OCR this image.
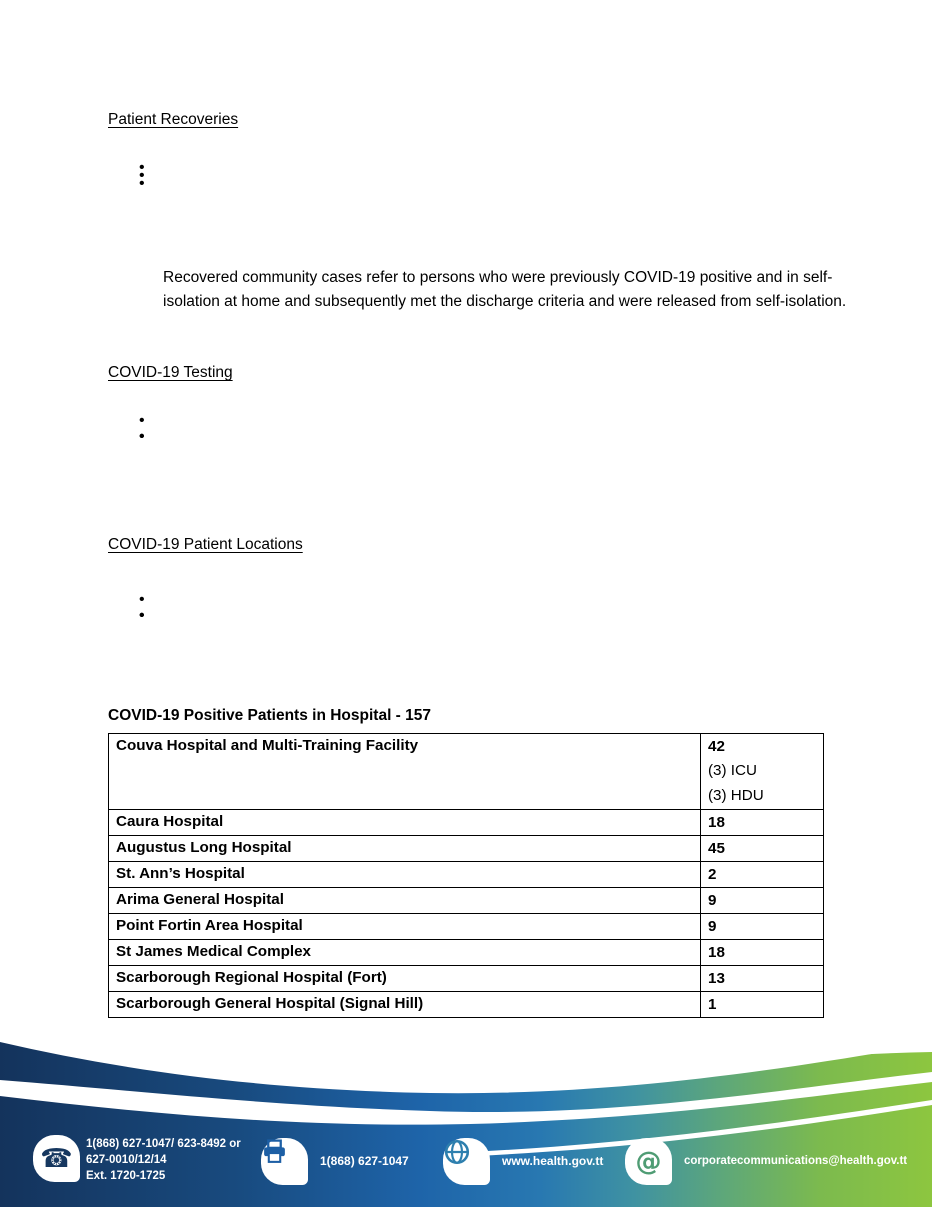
Patient Recoveries

Recovered community cases refer to persons who were previously COVID-19 positive and in self-isolation at home and subsequently met the discharge criteria and were released from self-isolation.

COVID-19 Testing
COVID-19 Patient Locations
COVID-19 Positive Patients in Hospital - 157
Couva Hospital and Multi-Training Facility	42
(3) ICU
(3) HDU

Caura Hospital	18

Augustus Long Hospital	45

St. Ann’s Hospital	2

Arima General Hospital	9

Point Fortin Area Hospital	9

St James Medical Complex	18

Scarborough Regional Hospital (Fort)	13

Scarborough General Hospital (Signal Hill)	1
☎ 1(868) 627-1047/ 623-8492 or
627-0010/12/14
Ext. 1720-1725
1(868) 627-1047	www.health.gov.tt @ corporatecommunications@health.gov.tt
